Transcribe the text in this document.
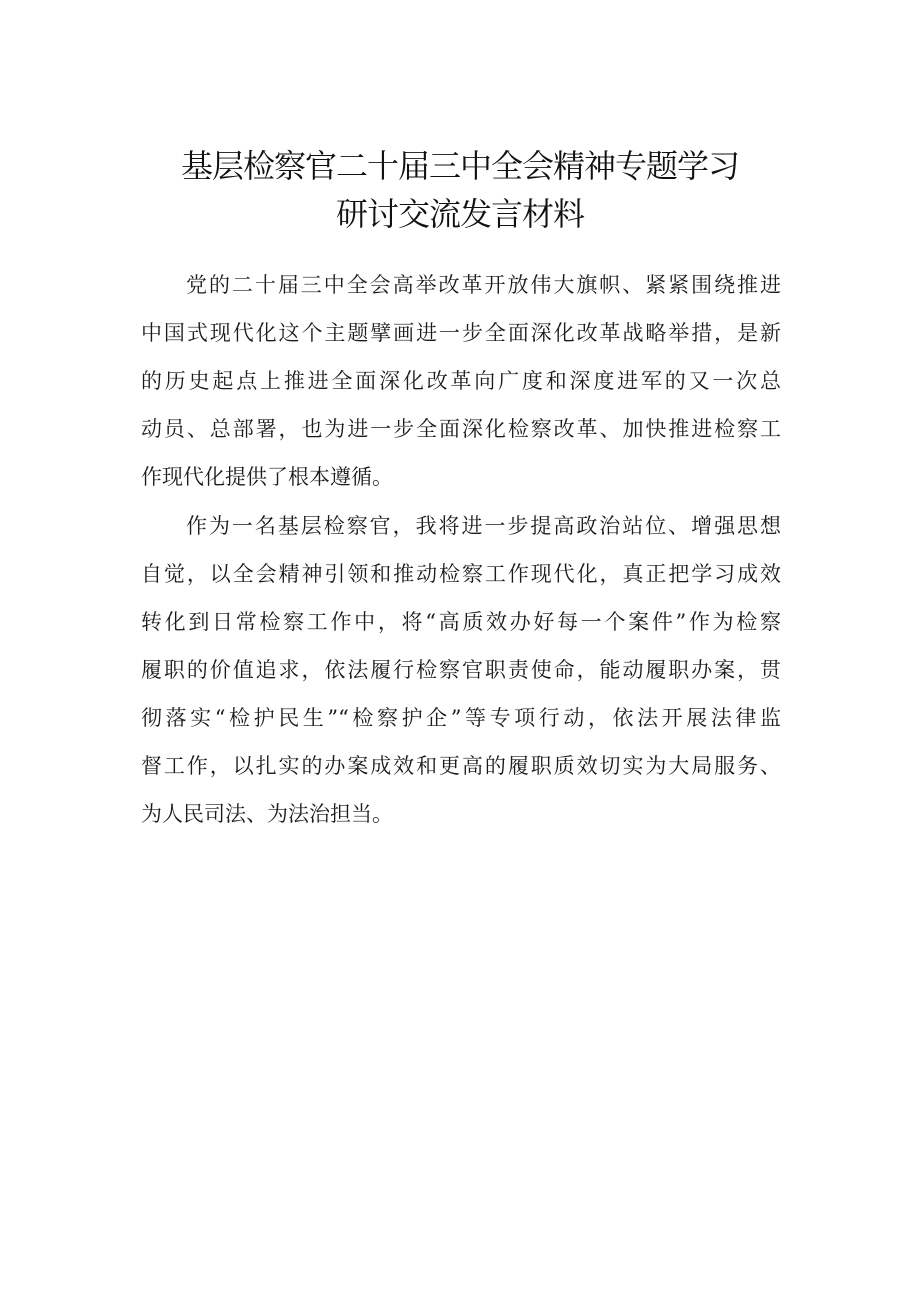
基层检察官二十届三中全会精神专题学习
研讨交流发言材料
党的二十届三中全会高举改革开放伟大旗帜、紧紧围绕推进
中国式现代化这个主题擘画进一步全面深化改革战略举措，是新
的历史起点上推进全面深化改革向广度和深度进军的又一次总
动员、总部署，也为进一步全面深化检察改革、加快推进检察工
作现代化提供了根本遵循。
作为一名基层检察官，我将进一步提高政治站位、增强思想
自觉，以全会精神引领和推动检察工作现代化，真正把学习成效
转化到日常检察工作中，将“高质效办好每一个案件”作为检察
履职的价值追求，依法履行检察官职责使命，能动履职办案，贯
彻落实“检护民生”“检察护企”等专项行动，依法开展法律监
督工作，以扎实的办案成效和更高的履职质效切实为大局服务、
为人民司法、为法治担当。
